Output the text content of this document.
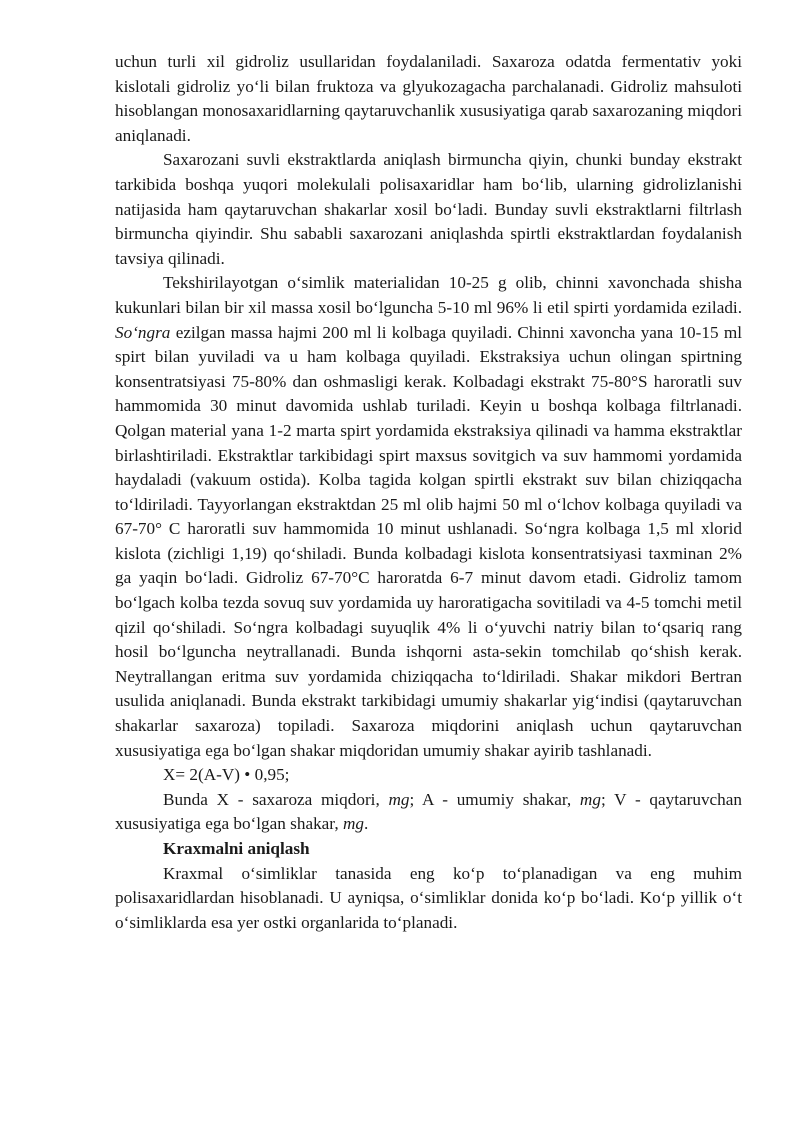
uchun turli xil gidroliz usullaridan foydalaniladi. Saxaroza odatda fermentativ yoki kislotali gidroliz yo‘li bilan fruktoza va glyukozagacha parchalanadi. Gidroliz mahsuloti hisoblangan monosaxaridlarning qaytaruvchanlik xususiyatiga qarab saxarozaning miqdori aniqlanadi.

Saxarozani suvli ekstraktlarda aniqlash birmuncha qiyin, chunki bunday ekstrakt tarkibida boshqa yuqori molekulali polisaxaridlar ham bo‘lib, ularning gidrolizlanishi natijasida ham qaytaruvchan shakarlar xosil bo‘ladi. Bunday suvli ekstraktlarni filtrlash birmuncha qiyindir. Shu sababli saxarozani aniqlashda spirtli ekstraktlardan foydalanish tavsiya qilinadi.

Tekshirilayotgan o‘simlik materialidan 10-25 g olib, chinni xavonchada shisha kukunlari bilan bir xil massa xosil bo‘lguncha 5-10 ml 96% li etil spirti yordamida eziladi. So‘ngra ezilgan massa hajmi 200 ml li kolbaga quyiladi. Chinni xavoncha yana 10-15 ml spirt bilan yuviladi va u ham kolbaga quyiladi. Ekstraksiya uchun olingan spirtning konsentratsiyasi 75-80% dan oshmasligi kerak. Kolbadagi ekstrakt 75-80°S haroratli suv hammomida 30 minut davomida ushlab turiladi. Keyin u boshqa kolbaga filtrlanadi. Qolgan material yana 1-2 marta spirt yordamida ekstraksiya qilinadi va hamma ekstraktlar birlashtiriladi. Ekstraktlar tarkibidagi spirt maxsus sovitgich va suv hammomi yordamida haydaladi (vakuum ostida). Kolba tagida kolgan spirtli ekstrakt suv bilan chiziqqacha to‘ldiriladi. Tayyorlangan ekstraktdan 25 ml olib hajmi 50 ml o‘lchov kolbaga quyiladi va 67-70° C haroratli suv hammomida 10 minut ushlanadi. So‘ngra kolbaga 1,5 ml xlorid kislota (zichligi 1,19) qo‘shiladi. Bunda kolbadagi kislota konsentratsiyasi taxminan 2% ga yaqin bo‘ladi. Gidroliz 67-70°C haroratda 6-7 minut davom etadi. Gidroliz tamom bo‘lgach kolba tezda sovuq suv yordamida uy haroratigacha sovitiladi va 4-5 tomchi metil qizil qo‘shiladi. So‘ngra kolbadagi suyuqlik 4% li o‘yuvchi natriy bilan to‘qsariq rang hosil bo‘lguncha neytrallanadi. Bunda ishqorni asta-sekin tomchilab qo‘shish kerak. Neytrallangan eritma suv yordamida chiziqqacha to‘ldiriladi. Shakar mikdori Bertran usulida aniqlanadi. Bunda ekstrakt tarkibidagi umumiy shakarlar yig‘indisi (qaytaruvchan shakarlar saxaroza) topiladi. Saxaroza miqdorini aniqlash uchun qaytaruvchan xususiyatiga ega bo‘lgan shakar miqdoridan umumiy shakar ayirib tashlanadi.

X= 2(A-V) • 0,95;

Bunda X - saxaroza miqdori, mg; A - umumiy shakar, mg; V - qaytaruvchan xususiyatiga ega bo‘lgan shakar, mg.

Kraxmalni aniqlash

Kraxmal o‘simliklar tanasida eng ko‘p to‘planadigan va eng muhim polisaxaridlardan hisoblanadi. U ayniqsa, o‘simliklar donida ko‘p bo‘ladi. Ko‘p yillik o‘t o‘simliklarda esa yer ostki organlarida to‘planadi.
